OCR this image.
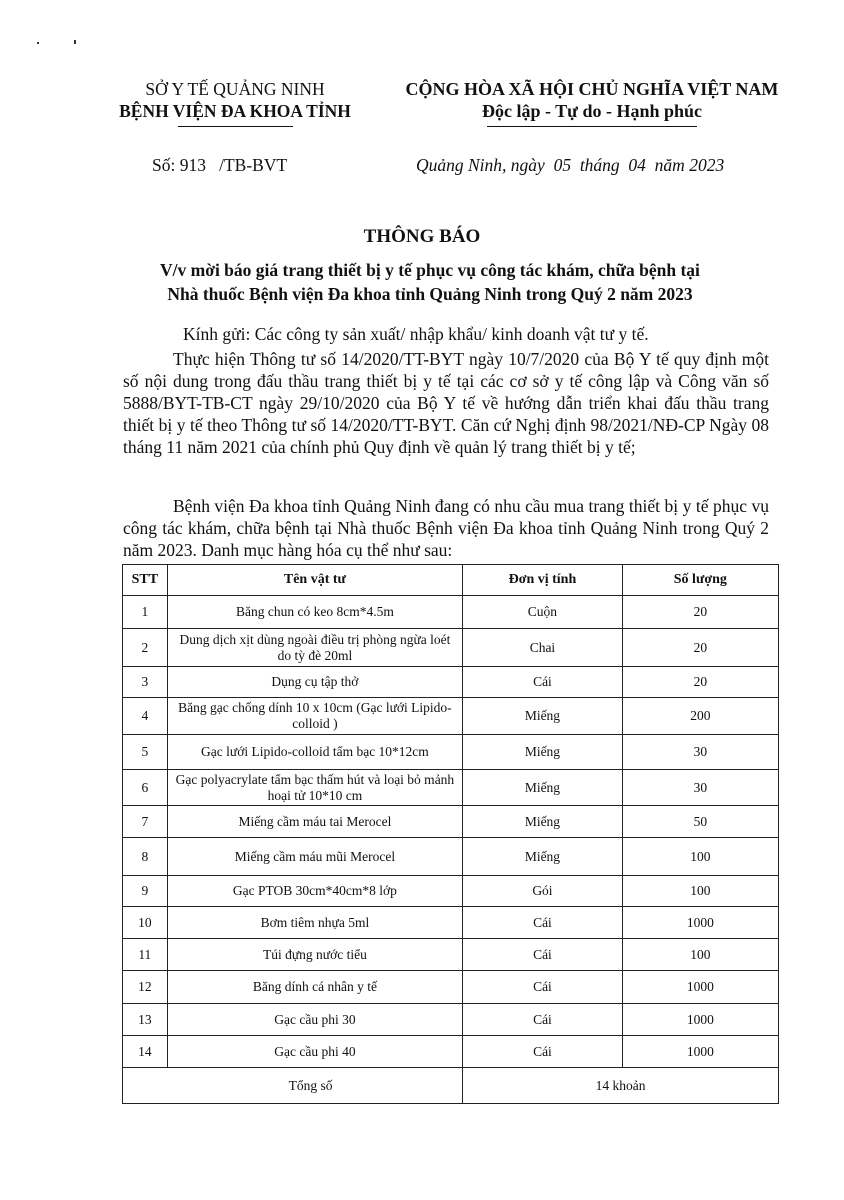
SỞ Y TẾ QUẢNG NINH
BỆNH VIỆN ĐA KHOA TỈNH
CỘNG HÒA XÃ HỘI CHỦ NGHĨA VIỆT NAM
Độc lập - Tự do - Hạnh phúc
Số: 913   /TB-BVT	Quảng Ninh, ngày  05  tháng  04  năm 2023
THÔNG BÁO
V/v mời báo giá trang thiết bị y tế phục vụ công tác khám, chữa bệnh tại
Nhà thuốc Bệnh viện Đa khoa tỉnh Quảng Ninh trong Quý 2 năm 2023
Kính gửi: Các công ty sản xuất/ nhập khẩu/ kinh doanh vật tư y tế.
Thực hiện Thông tư số 14/2020/TT-BYT ngày 10/7/2020 của Bộ Y tế quy định một số nội dung trong đấu thầu trang thiết bị y tế tại các cơ sở y tế công lập và Công văn số 5888/BYT-TB-CT ngày 29/10/2020 của Bộ Y tế về hướng dẫn triển khai đấu thầu trang thiết bị y tế theo Thông tư số 14/2020/TT-BYT. Căn cứ Nghị định 98/2021/NĐ-CP Ngày 08 tháng 11 năm 2021 của chính phủ Quy định về quản lý trang thiết bị y tế;
Bệnh viện Đa khoa tỉnh Quảng Ninh đang có nhu cầu mua trang thiết bị y tế phục vụ công tác khám, chữa bệnh tại Nhà thuốc Bệnh viện Đa khoa tỉnh Quảng Ninh trong Quý 2 năm 2023. Danh mục hàng hóa cụ thể như sau:
STT	Tên vật tư	Đơn vị tính	Số lượng
1	Băng chun có keo 8cm*4.5m	Cuộn	20
2	Dung dịch xịt dùng ngoài điều trị phòng ngừa loét do tỳ đè 20ml	Chai	20
3	Dụng cụ tập thở	Cái	20
4	Băng gạc chống dính 10 x 10cm (Gạc lưới Lipido-colloid )	Miếng	200
5	Gạc lưới Lipido-colloid tẩm bạc 10*12cm	Miếng	30
6	Gạc polyacrylate tẩm bạc thấm hút và loại bỏ mảnh hoại tử 10*10 cm	Miếng	30
7	Miếng cầm máu tai Merocel	Miếng	50
8	Miếng cầm máu mũi Merocel	Miếng	100
9	Gạc PTOB 30cm*40cm*8 lớp	Gói	100
10	Bơm tiêm nhựa 5ml	Cái	1000
11	Túi đựng nước tiểu	Cái	100
12	Băng dính cá nhân y tế	Cái	1000
13	Gạc cầu phi 30	Cái	1000
14	Gạc cầu phi 40	Cái	1000
Tổng số		14 khoản	
